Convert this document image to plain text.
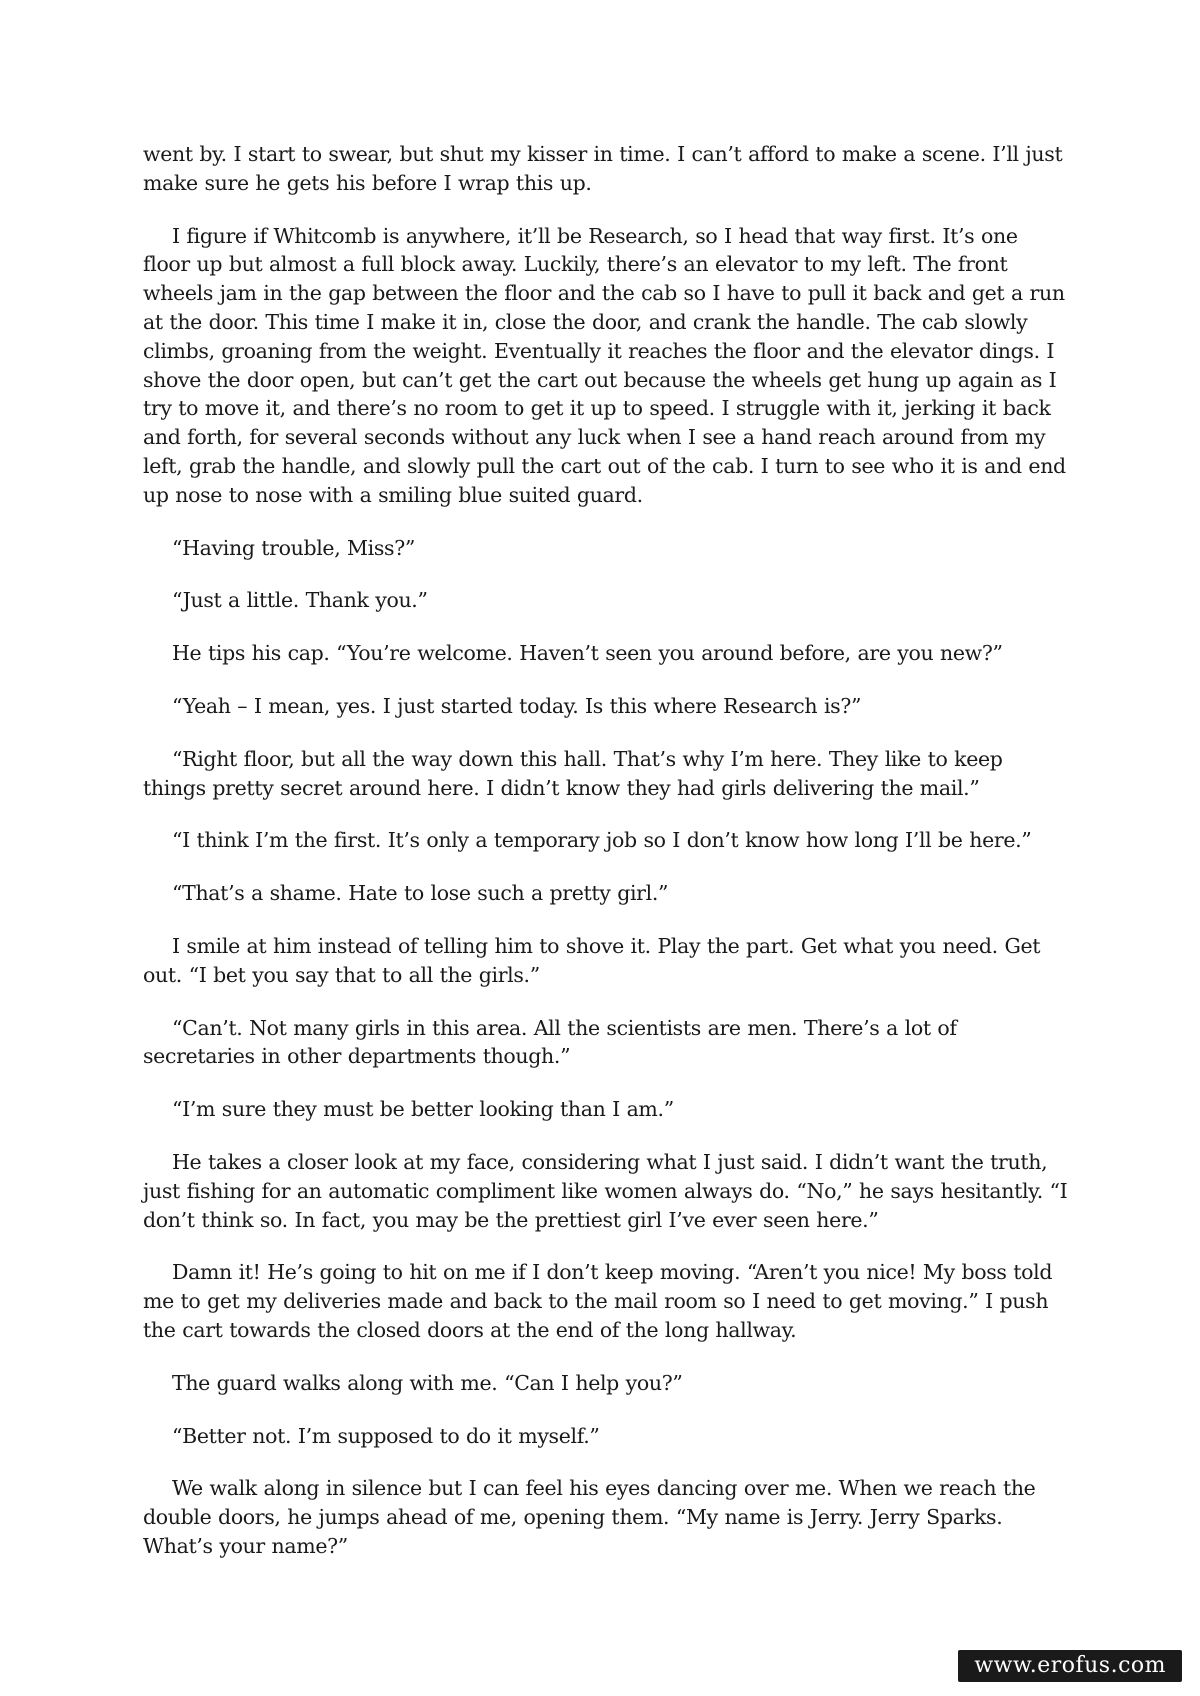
went by. I start to swear, but shut my kisser in time. I can’t afford to make a scene. I’ll just make sure he gets his before I wrap this up.

I figure if Whitcomb is anywhere, it’ll be Research, so I head that way first. It’s one floor up but almost a full block away. Luckily, there’s an elevator to my left. The front wheels jam in the gap between the floor and the cab so I have to pull it back and get a run at the door. This time I make it in, close the door, and crank the handle. The cab slowly climbs, groaning from the weight. Eventually it reaches the floor and the elevator dings. I shove the door open, but can’t get the cart out because the wheels get hung up again as I try to move it, and there’s no room to get it up to speed. I struggle with it, jerking it back and forth, for several seconds without any luck when I see a hand reach around from my left, grab the handle, and slowly pull the cart out of the cab. I turn to see who it is and end up nose to nose with a smiling blue suited guard.

“Having trouble, Miss?”

“Just a little. Thank you.”

He tips his cap. “You’re welcome. Haven’t seen you around before, are you new?”

“Yeah – I mean, yes. I just started today. Is this where Research is?”

“Right floor, but all the way down this hall. That’s why I’m here. They like to keep things pretty secret around here. I didn’t know they had girls delivering the mail.”

“I think I’m the first. It’s only a temporary job so I don’t know how long I’ll be here.”

“That’s a shame. Hate to lose such a pretty girl.”

I smile at him instead of telling him to shove it. Play the part. Get what you need. Get out. “I bet you say that to all the girls.”

“Can’t. Not many girls in this area. All the scientists are men. There’s a lot of secretaries in other departments though.”

“I’m sure they must be better looking than I am.”

He takes a closer look at my face, considering what I just said. I didn’t want the truth, just fishing for an automatic compliment like women always do. “No,” he says hesitantly. “I don’t think so. In fact, you may be the prettiest girl I’ve ever seen here.”

Damn it! He’s going to hit on me if I don’t keep moving. “Aren’t you nice! My boss told me to get my deliveries made and back to the mail room so I need to get moving.” I push the cart towards the closed doors at the end of the long hallway.

The guard walks along with me. “Can I help you?”

“Better not. I’m supposed to do it myself.”

We walk along in silence but I can feel his eyes dancing over me. When we reach the double doors, he jumps ahead of me, opening them. “My name is Jerry. Jerry Sparks. What’s your name?”

www.erofus.com
